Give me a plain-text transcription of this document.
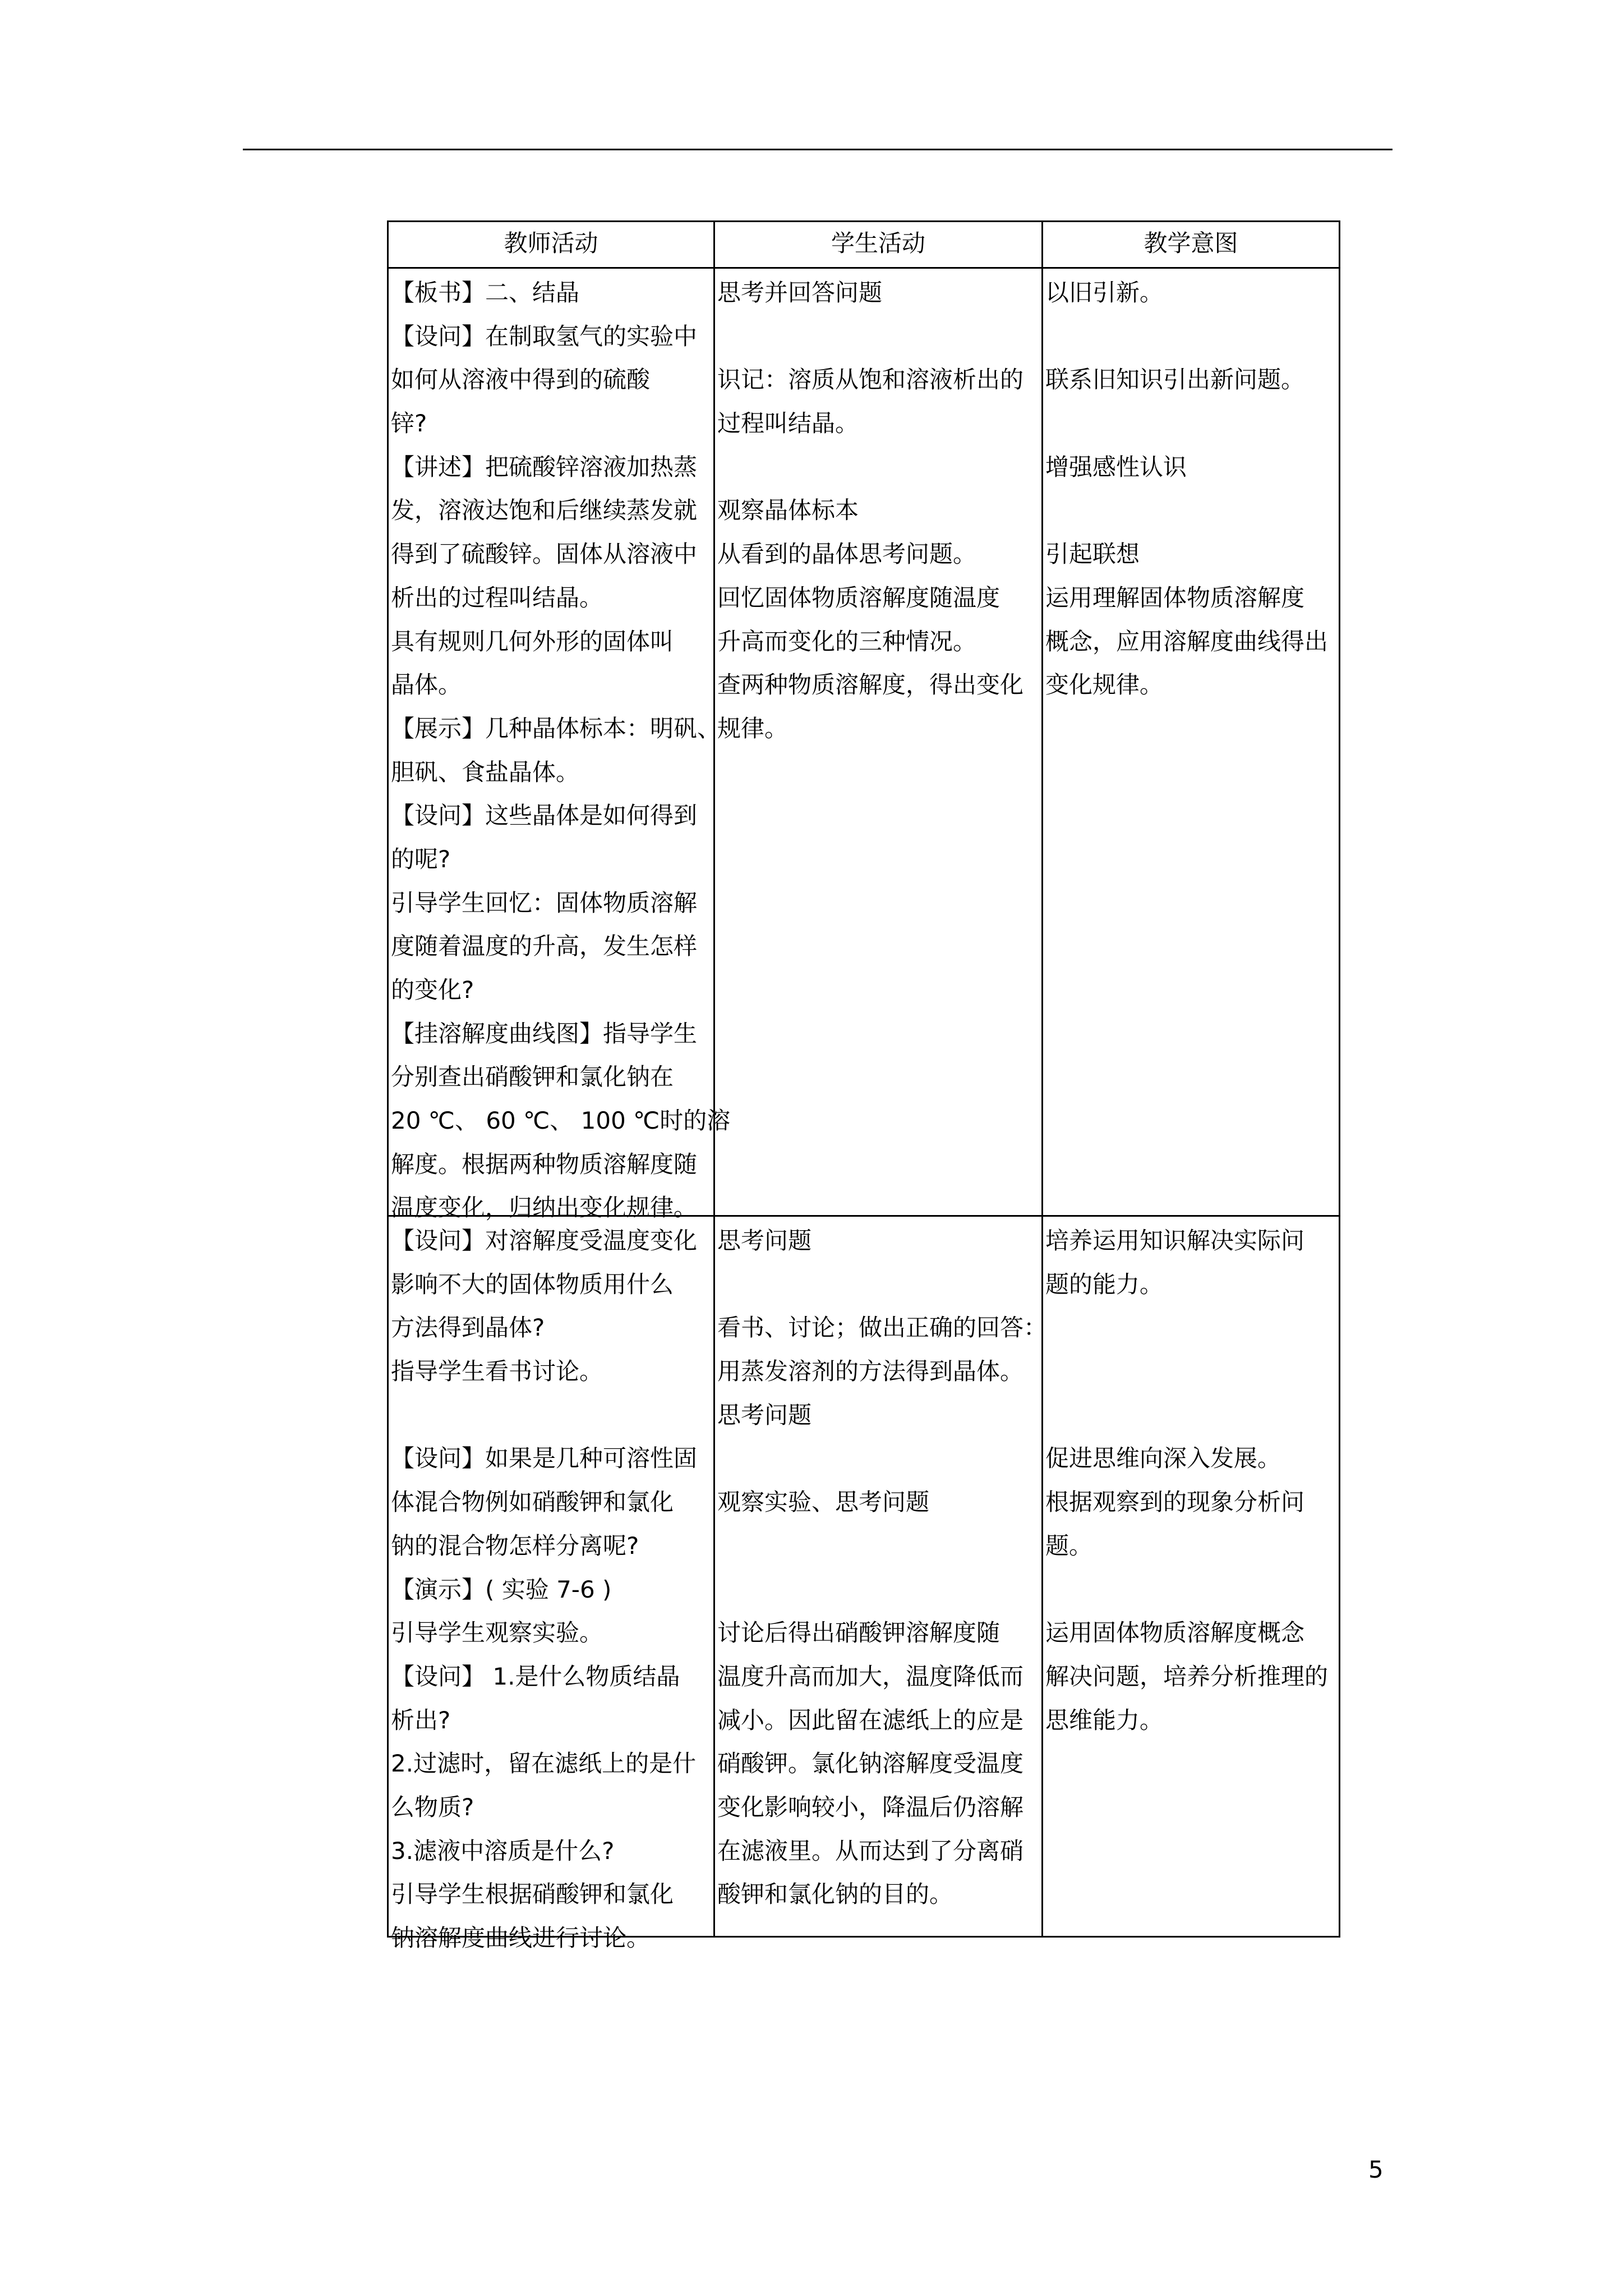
教师活动	学生活动	教学意图
【板书】二、结晶
【设问】在制取氢气的实验中
如何从溶液中得到的硫酸
锌?
【讲述】把硫酸锌溶液加热蒸
发，溶液达饱和后继续蒸发就
得到了硫酸锌。固体从溶液中
析出的过程叫结晶。
具有规则几何外形的固体叫
晶体。
【展示】几种晶体标本：明矾、
胆矾、食盐晶体。
【设问】这些晶体是如何得到
的呢?
引导学生回忆：固体物质溶解
度随着温度的升高，发生怎样
的变化?
【挂溶解度曲线图】指导学生
分别查出硝酸钾和氯化钠在
20 ℃、 60 ℃、 100 ℃时的溶
解度。根据两种物质溶解度随
温度变化，归纳出变化规律。
思考并回答问题
识记：溶质从饱和溶液析出的
过程叫结晶。
观察晶体标本
从看到的晶体思考问题。
回忆固体物质溶解度随温度
升高而变化的三种情况。
查两种物质溶解度，得出变化
规律。
以旧引新。
联系旧知识引出新问题。
增强感性认识
引起联想
运用理解固体物质溶解度
概念，应用溶解度曲线得出
变化规律。
【设问】对溶解度受温度变化
影响不大的固体物质用什么
方法得到晶体?
指导学生看书讨论。
【设问】如果是几种可溶性固
体混合物例如硝酸钾和氯化
钠的混合物怎样分离呢?
【演示】( 实验 7-6 )
引导学生观察实验。
【设问】 1.是什么物质结晶
析出?
2.过滤时，留在滤纸上的是什
么物质?
3.滤液中溶质是什么?
引导学生根据硝酸钾和氯化
钠溶解度曲线进行讨论。
思考问题
看书、讨论；做出正确的回答：
用蒸发溶剂的方法得到晶体。
思考问题
观察实验、思考问题
讨论后得出硝酸钾溶解度随
温度升高而加大，温度降低而
减小。因此留在滤纸上的应是
硝酸钾。氯化钠溶解度受温度
变化影响较小，降温后仍溶解
在滤液里。从而达到了分离硝
酸钾和氯化钠的目的。
培养运用知识解决实际问
题的能力。
促进思维向深入发展。
根据观察到的现象分析问
题。
运用固体物质溶解度概念
解决问题，培养分析推理的
思维能力。
5
